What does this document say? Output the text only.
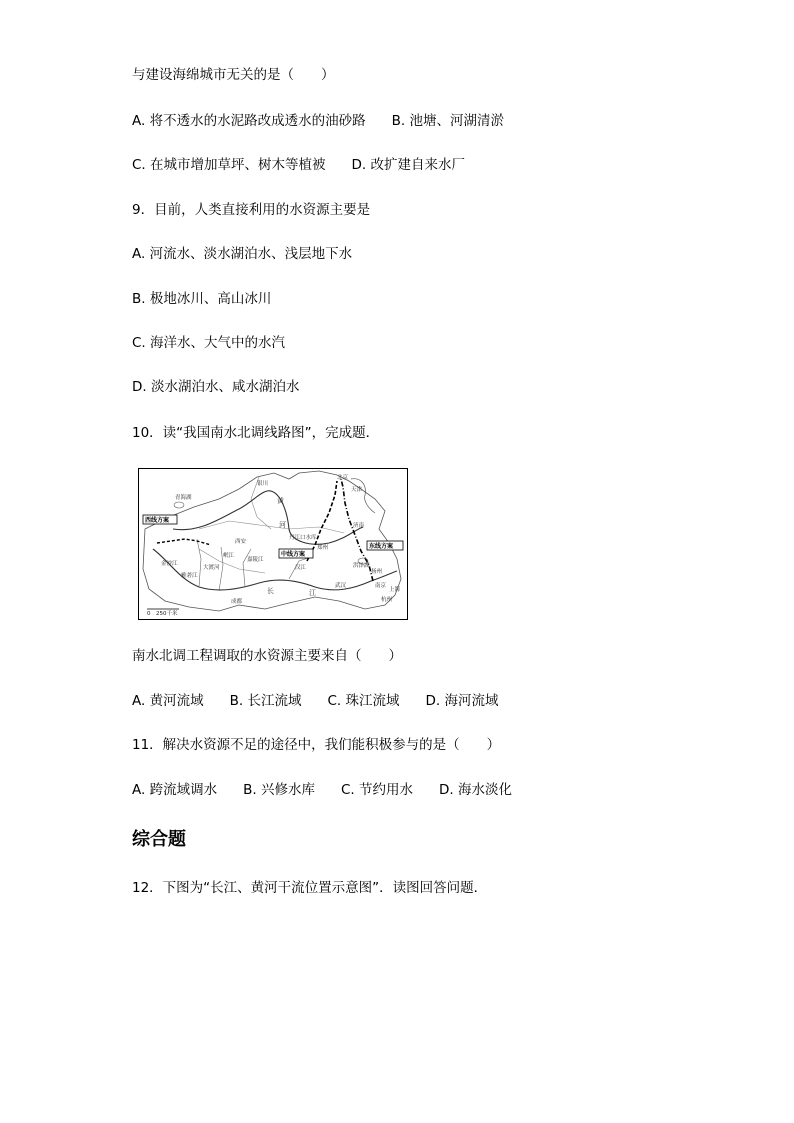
与建设海绵城市无关的是（　　）
A. 将不透水的水泥路改成透水的油砂路 B. 池塘、河湖清淤
C. 在城市增加草坪、树木等植被 D. 改扩建自来水厂
9．目前，人类直接利用的水资源主要是
A. 河流水、淡水湖泊水、浅层地下水
B. 极地冰川、高山冰川
C. 海洋水、大气中的水汽
D. 淡水湖泊水、咸水湖泊水
10．读“我国南水北调线路图”，完成题．
西线方案
中线方案
东线方案
北京
天津
济南
郑州
西安
武汉	南京
扬州
杭州
上海
青海湖
银川
汉江
丹江口水库
洪泽湖
成都
黄
河
长	江
金沙江
雅砻江
大渡河
岷江
嘉陵江
0　250千米
南水北调工程调取的水资源主要来自（　　）
A. 黄河流域 B. 长江流域 C. 珠江流域 D. 海河流域
11．解决水资源不足的途径中，我们能积极参与的是（　　）
A. 跨流域调水 B. 兴修水库 C. 节约用水 D. 海水淡化
综合题
12．下图为“长江、黄河干流位置示意图”．读图回答问题．
